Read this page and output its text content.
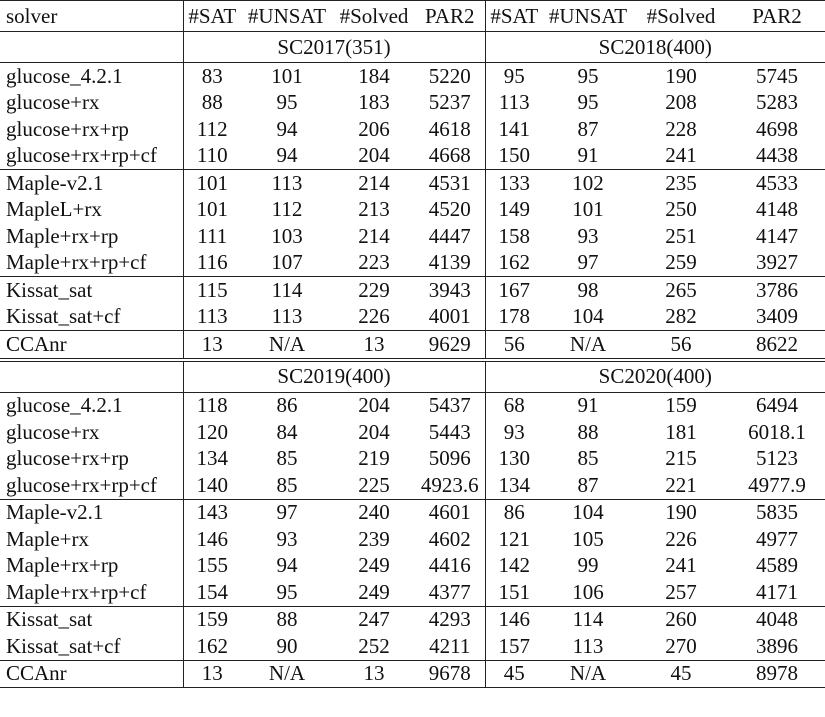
solver	#SAT	#UNSAT	#Solved	PAR2	#SAT	#UNSAT	#Solved	PAR2
	SC2017(351)				SC2018(400)			
glucose_4.2.1	83	101	184	5220	95	95	190	5745
glucose+rx	88	95	183	5237	113	95	208	5283
glucose+rx+rp	112	94	206	4618	141	87	228	4698
glucose+rx+rp+cf	110	94	204	4668	150	91	241	4438
Maple-v2.1	101	113	214	4531	133	102	235	4533
MapleL+rx	101	112	213	4520	149	101	250	4148
Maple+rx+rp	111	103	214	4447	158	93	251	4147
Maple+rx+rp+cf	116	107	223	4139	162	97	259	3927
Kissat_sat	115	114	229	3943	167	98	265	3786
Kissat_sat+cf	113	113	226	4001	178	104	282	3409
CCAnr	13	N/A	13	9629	56	N/A	56	8622
	SC2019(400)				SC2020(400)			
glucose_4.2.1	118	86	204	5437	68	91	159	6494
glucose+rx	120	84	204	5443	93	88	181	6018.1
glucose+rx+rp	134	85	219	5096	130	85	215	5123
glucose+rx+rp+cf	140	85	225	4923.6	134	87	221	4977.9
Maple-v2.1	143	97	240	4601	86	104	190	5835
Maple+rx	146	93	239	4602	121	105	226	4977
Maple+rx+rp	155	94	249	4416	142	99	241	4589
Maple+rx+rp+cf	154	95	249	4377	151	106	257	4171
Kissat_sat	159	88	247	4293	146	114	260	4048
Kissat_sat+cf	162	90	252	4211	157	113	270	3896
CCAnr	13	N/A	13	9678	45	N/A	45	8978
